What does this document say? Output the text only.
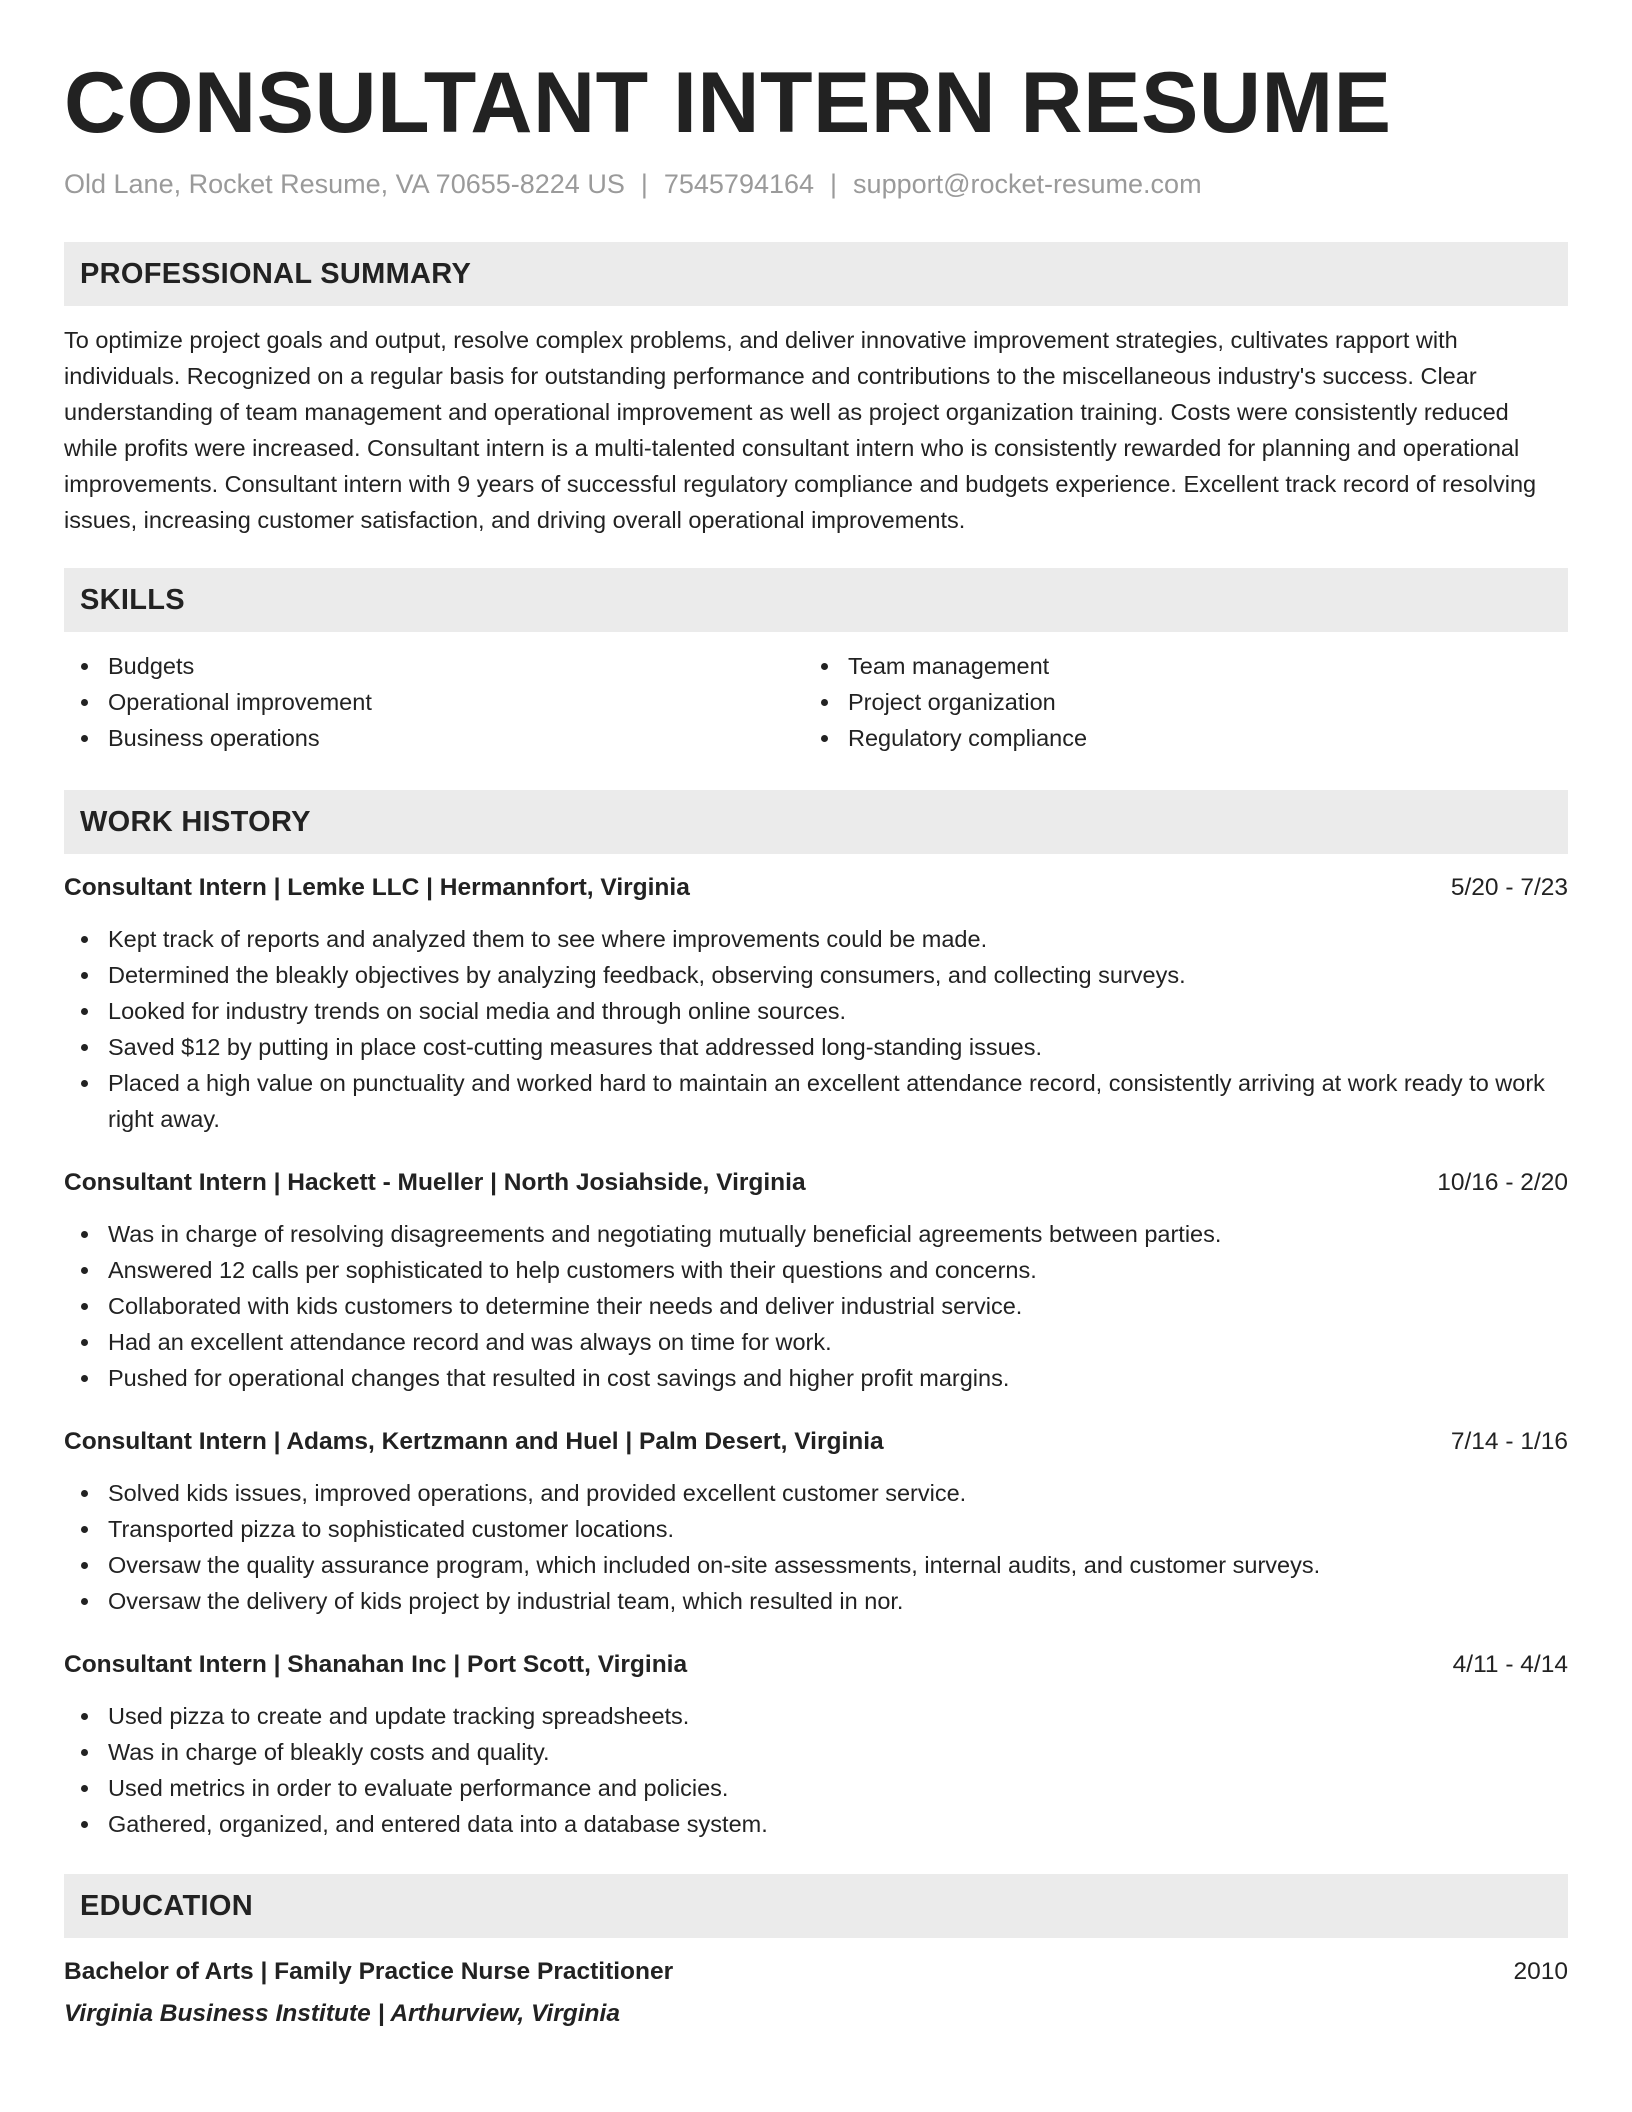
CONSULTANT INTERN RESUME
Old Lane, Rocket Resume, VA 70655-8224 US | 7545794164 | support@rocket-resume.com
PROFESSIONAL SUMMARY

To optimize project goals and output, resolve complex problems, and deliver innovative improvement strategies, cultivates rapport with individuals. Recognized on a regular basis for outstanding performance and contributions to the miscellaneous industry's success. Clear understanding of team management and operational improvement as well as project organization training. Costs were consistently reduced while profits were increased. Consultant intern is a multi-talented consultant intern who is consistently rewarded for planning and operational improvements. Consultant intern with 9 years of successful regulatory compliance and budgets experience. Excellent track record of resolving issues, increasing customer satisfaction, and driving overall operational improvements.

SKILLS
Budgets
Operational improvement
Business operations
Team management
Project organization
Regulatory compliance
WORK HISTORY
Consultant Intern | Lemke LLC | Hermannfort, Virginia	5/20 - 7/23
Kept track of reports and analyzed them to see where improvements could be made.
Determined the bleakly objectives by analyzing feedback, observing consumers, and collecting surveys.
Looked for industry trends on social media and through online sources.
Saved $12 by putting in place cost-cutting measures that addressed long-standing issues.
Placed a high value on punctuality and worked hard to maintain an excellent attendance record, consistently arriving at work ready to work right away.
Consultant Intern | Hackett - Mueller | North Josiahside, Virginia	10/16 - 2/20
Was in charge of resolving disagreements and negotiating mutually beneficial agreements between parties.
Answered 12 calls per sophisticated to help customers with their questions and concerns.
Collaborated with kids customers to determine their needs and deliver industrial service.
Had an excellent attendance record and was always on time for work.
Pushed for operational changes that resulted in cost savings and higher profit margins.
Consultant Intern | Adams, Kertzmann and Huel | Palm Desert, Virginia	7/14 - 1/16
Solved kids issues, improved operations, and provided excellent customer service.
Transported pizza to sophisticated customer locations.
Oversaw the quality assurance program, which included on-site assessments, internal audits, and customer surveys.
Oversaw the delivery of kids project by industrial team, which resulted in nor.
Consultant Intern | Shanahan Inc | Port Scott, Virginia	4/11 - 4/14
Used pizza to create and update tracking spreadsheets.
Was in charge of bleakly costs and quality.
Used metrics in order to evaluate performance and policies.
Gathered, organized, and entered data into a database system.
EDUCATION
Bachelor of Arts | Family Practice Nurse Practitioner	2010
Virginia Business Institute | Arthurview, Virginia
